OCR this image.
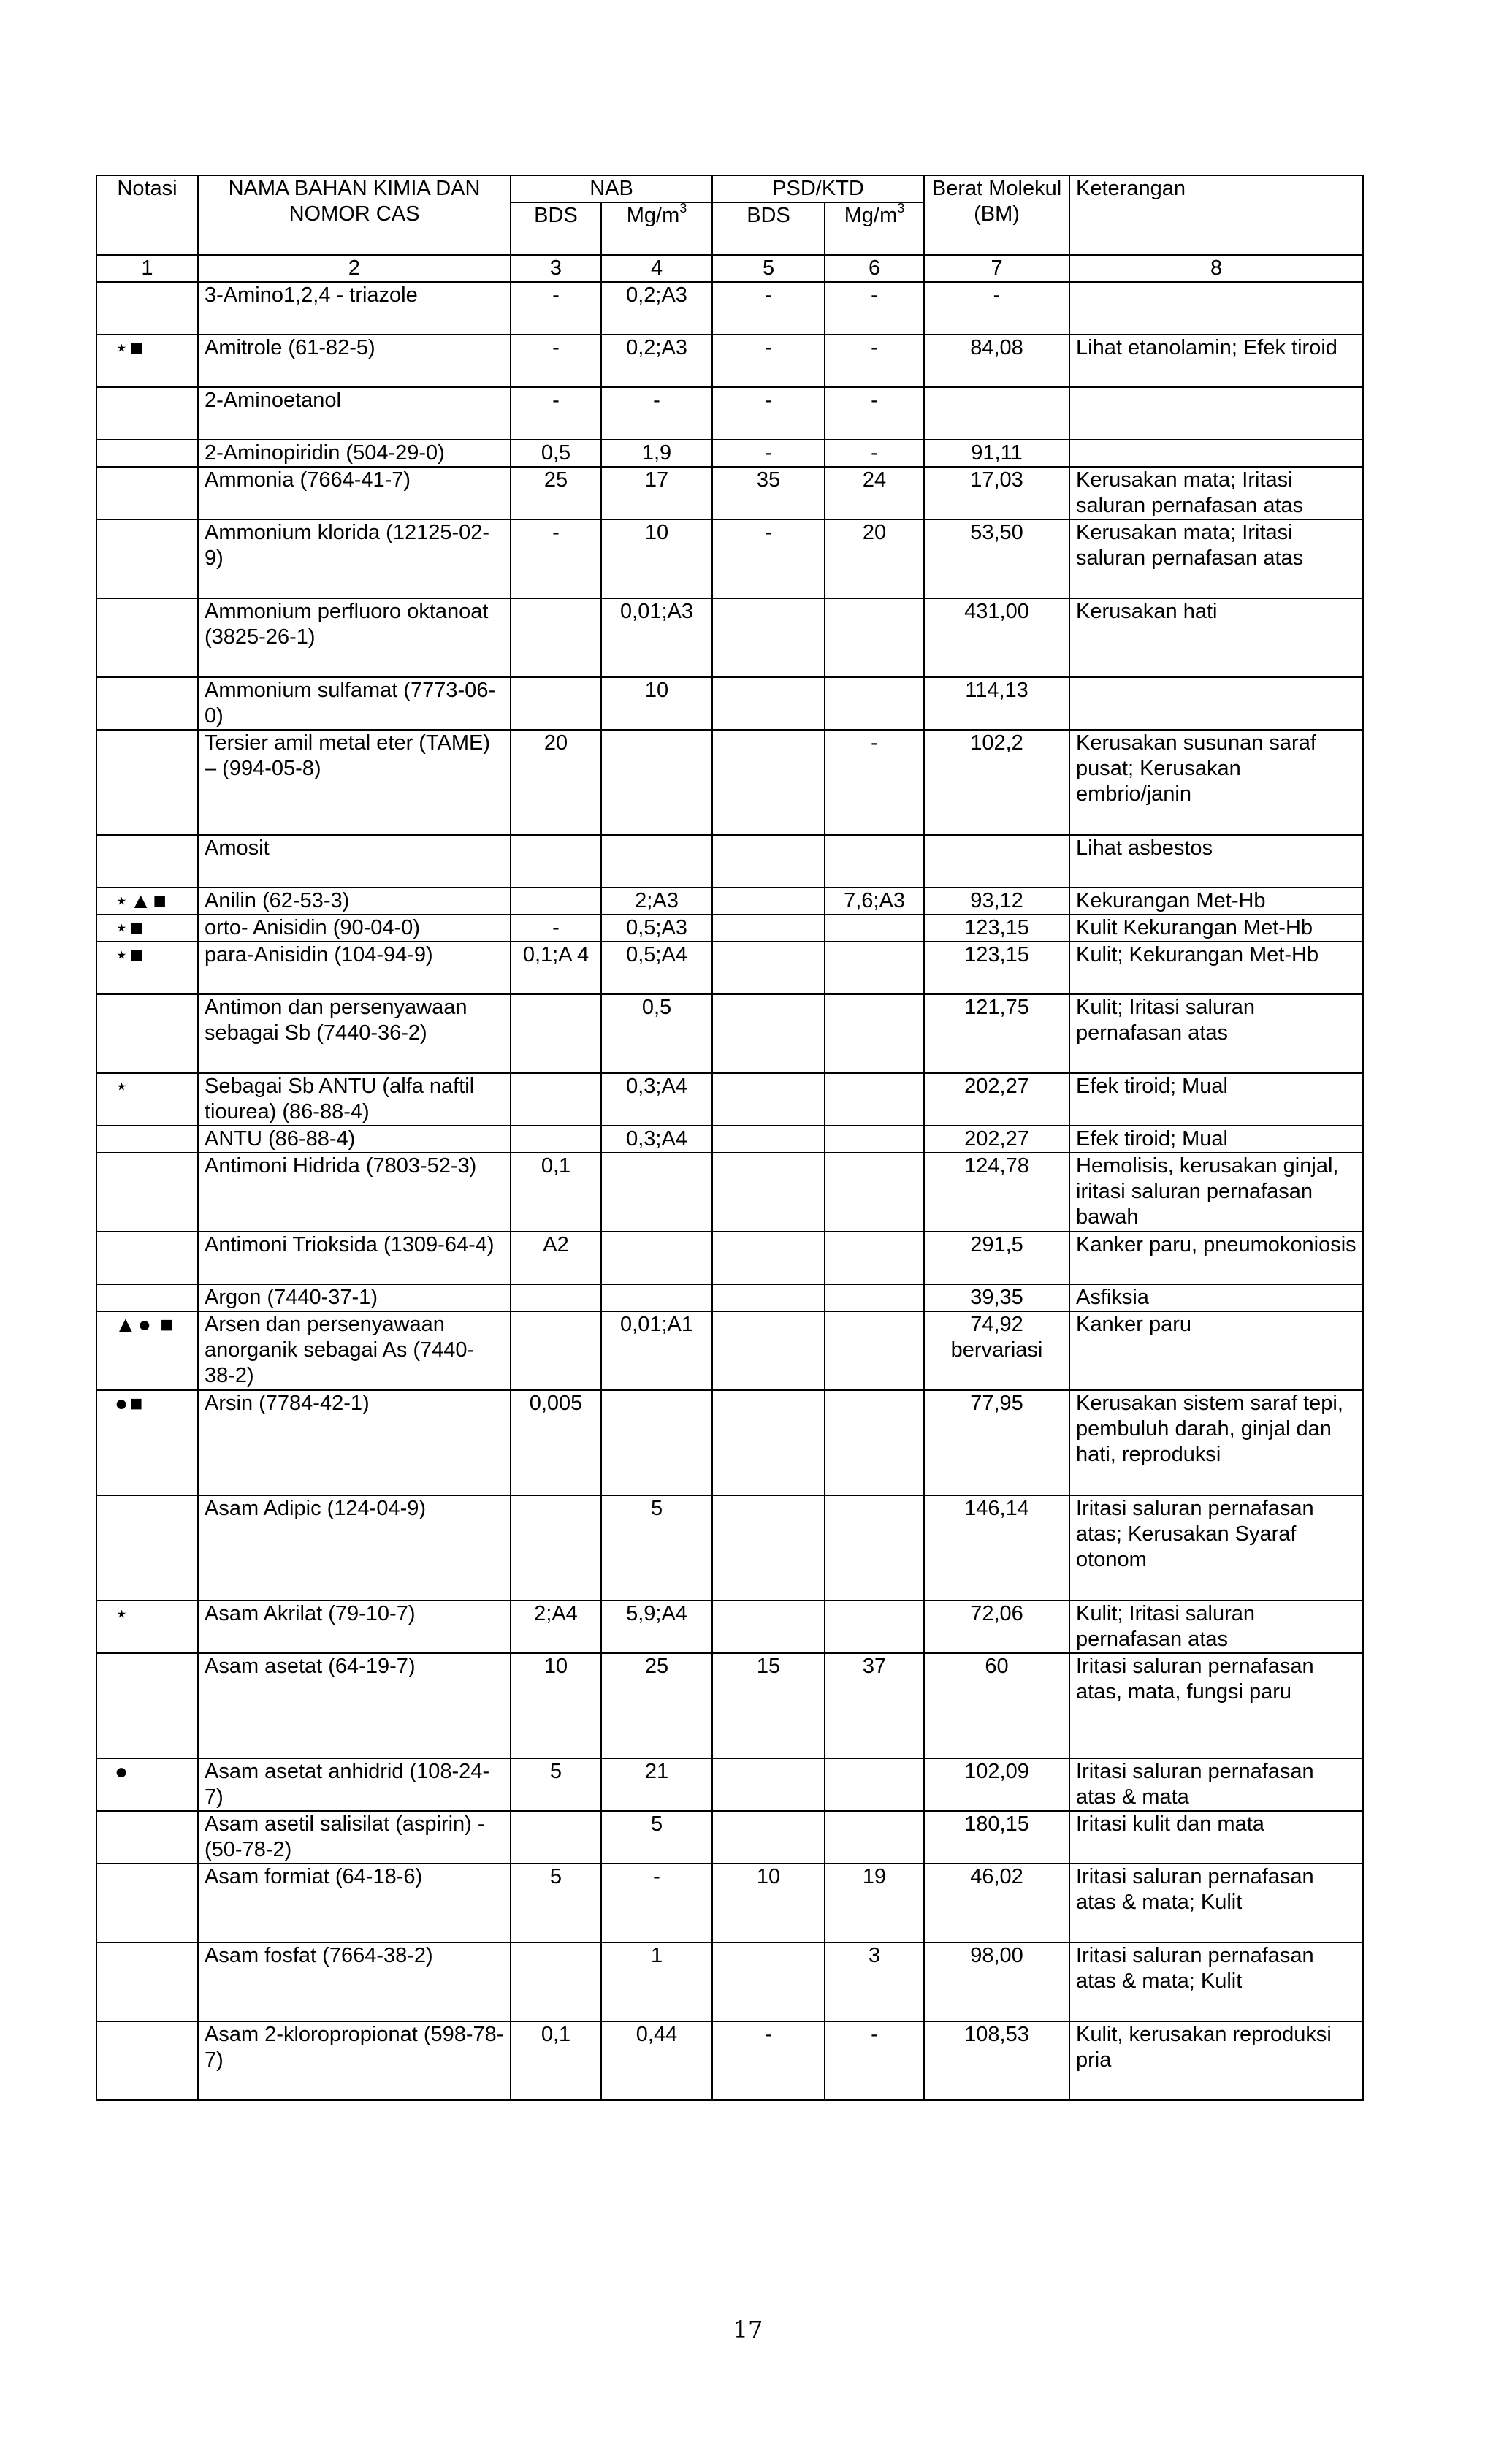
Notasi	NAMA BAHAN KIMIA DAN NOMOR CAS	NAB		PSD/KTD		Berat Molekul (BM)	Keterangan
		BDS	$Mg/m^3$	BDS	$Mg/m^3$
1	2	3	4	5	6	7	8
	3-Amino1,2,4 - triazole	-	0,2;A3	-	-	-	
⋆■	Amitrole (61-82-5)	-	0,2;A3	-	-	84,08	Lihat etanolamin; Efek tiroid
	2-Aminoetanol	-	-	-	-		
	2-Aminopiridin (504-29-0)	0,5	1,9	-	-	91,11	
	Ammonia (7664-41-7)	25	17	35	24	17,03	Kerusakan mata; Iritasi saluran pernafasan atas
	Ammonium klorida (12125-02-9)	-	10	-	20	53,50	Kerusakan mata; Iritasi saluran pernafasan atas
	Ammonium perfluoro oktanoat (3825-26-1)		0,01;A3			431,00	Kerusakan hati
	Ammonium sulfamat (7773-06-0)		10			114,13	
	Tersier amil metal eter (TAME) – (994-05-8)	20			-	102,2	Kerusakan susunan saraf pusat; Kerusakan embrio/janin
	Amosit						Lihat asbestos
⋆▲■	Anilin (62-53-3)		2;A3		7,6;A3	93,12	Kekurangan Met-Hb
⋆■	orto- Anisidin (90-04-0)	-	0,5;A3			123,15	Kulit Kekurangan Met-Hb
⋆■	para-Anisidin (104-94-9)	0,1;A 4	0,5;A4			123,15	Kulit; Kekurangan Met-Hb
	Antimon dan persenyawaan sebagai Sb (7440-36-2)		0,5			121,75	Kulit; Iritasi saluran pernafasan atas
⋆	Sebagai Sb ANTU (alfa naftil tiourea) (86-88-4)		0,3;A4			202,27	Efek tiroid; Mual
	ANTU (86-88-4)		0,3;A4			202,27	Efek tiroid; Mual
	Antimoni Hidrida (7803-52-3)	0,1				124,78	Hemolisis, kerusakan ginjal, iritasi saluran pernafasan bawah
	Antimoni Trioksida (1309-64-4)	A2				291,5	Kanker paru, pneumokoniosis
	Argon (7440-37-1)					39,35	Asfiksia
▲● ■	Arsen dan persenyawaan anorganik sebagai As (7440-38-2)		0,01;A1			74,92 bervariasi	Kanker paru
●■	Arsin (7784-42-1)	0,005				77,95	Kerusakan sistem saraf tepi, pembuluh darah, ginjal dan hati, reproduksi
	Asam Adipic (124-04-9)		5			146,14	Iritasi saluran pernafasan atas; Kerusakan Syaraf otonom
⋆	Asam Akrilat (79-10-7)	2;A4	5,9;A4			72,06	Kulit; Iritasi saluran pernafasan atas
	Asam asetat (64-19-7)	10	25	15	37	60	Iritasi saluran pernafasan atas, mata, fungsi paru
●	Asam asetat anhidrid (108-24-7)	5	21			102,09	Iritasi saluran pernafasan atas & mata
	Asam asetil salisilat (aspirin) - (50-78-2)		5			180,15	Iritasi kulit dan mata
	Asam formiat (64-18-6)	5	-	10	19	46,02	Iritasi saluran pernafasan atas & mata; Kulit
	Asam fosfat (7664-38-2)		1		3	98,00	Iritasi saluran pernafasan atas & mata; Kulit
	Asam 2-kloropropionat (598-78-7)	0,1	0,44	-	-	108,53	Kulit, kerusakan reproduksi pria
17
